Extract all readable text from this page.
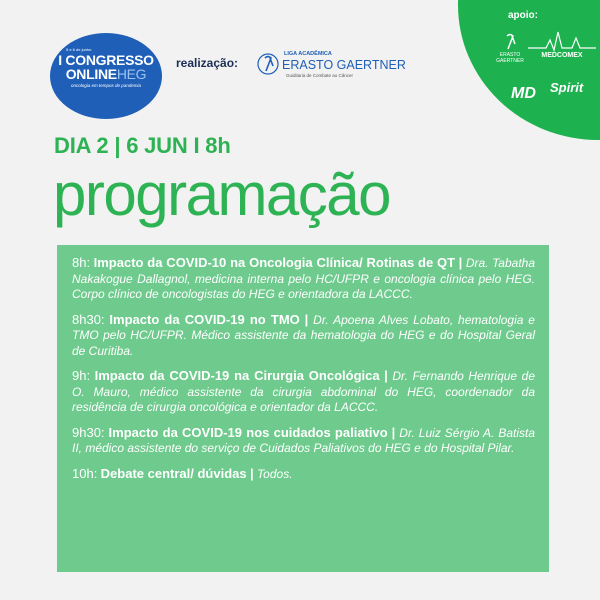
5 e 6 de junho
I CONGRESSO
ONLINEHEG
oncologia em tempos de pandemia
realização:
LIGA ACADÊMICA
ERASTO GAERTNER
Guiditaria de Combate ao Câncer
apoio:
ERASTO
GAERTNER
MEDCOMEX
MD Spirit
DIA 2 | 6 JUN I 8h
programação
8h: Impacto da COVID-10 na Oncologia Clínica/ Rotinas de QT | Dra. Tabatha Nakakogue Dallagnol, medicina interna pelo HC/UFPR e oncologia clínica pelo HEG. Corpo clínico de oncologistas do HEG e orientadora da LACCC.
8h30: Impacto da COVID-19 no TMO | Dr. Apoena Alves Lobato, hematologia e TMO pelo HC/UFPR. Médico assistente da hematologia do HEG e do Hospital Geral de Curitiba.
9h: Impacto da COVID-19 na Cirurgia Oncológica | Dr. Fernando Henrique de O. Mauro, médico assistente da cirurgia abdominal do HEG, coordenador da residência de cirurgia oncológica e orientador da LACCC.
9h30: Impacto da COVID-19 nos cuidados paliativo | Dr. Luiz Sérgio A. Batista II, médico assistente do serviço de Cuidados Paliativos do HEG e do Hospital Pilar.
10h: Debate central/ dúvidas | Todos.
